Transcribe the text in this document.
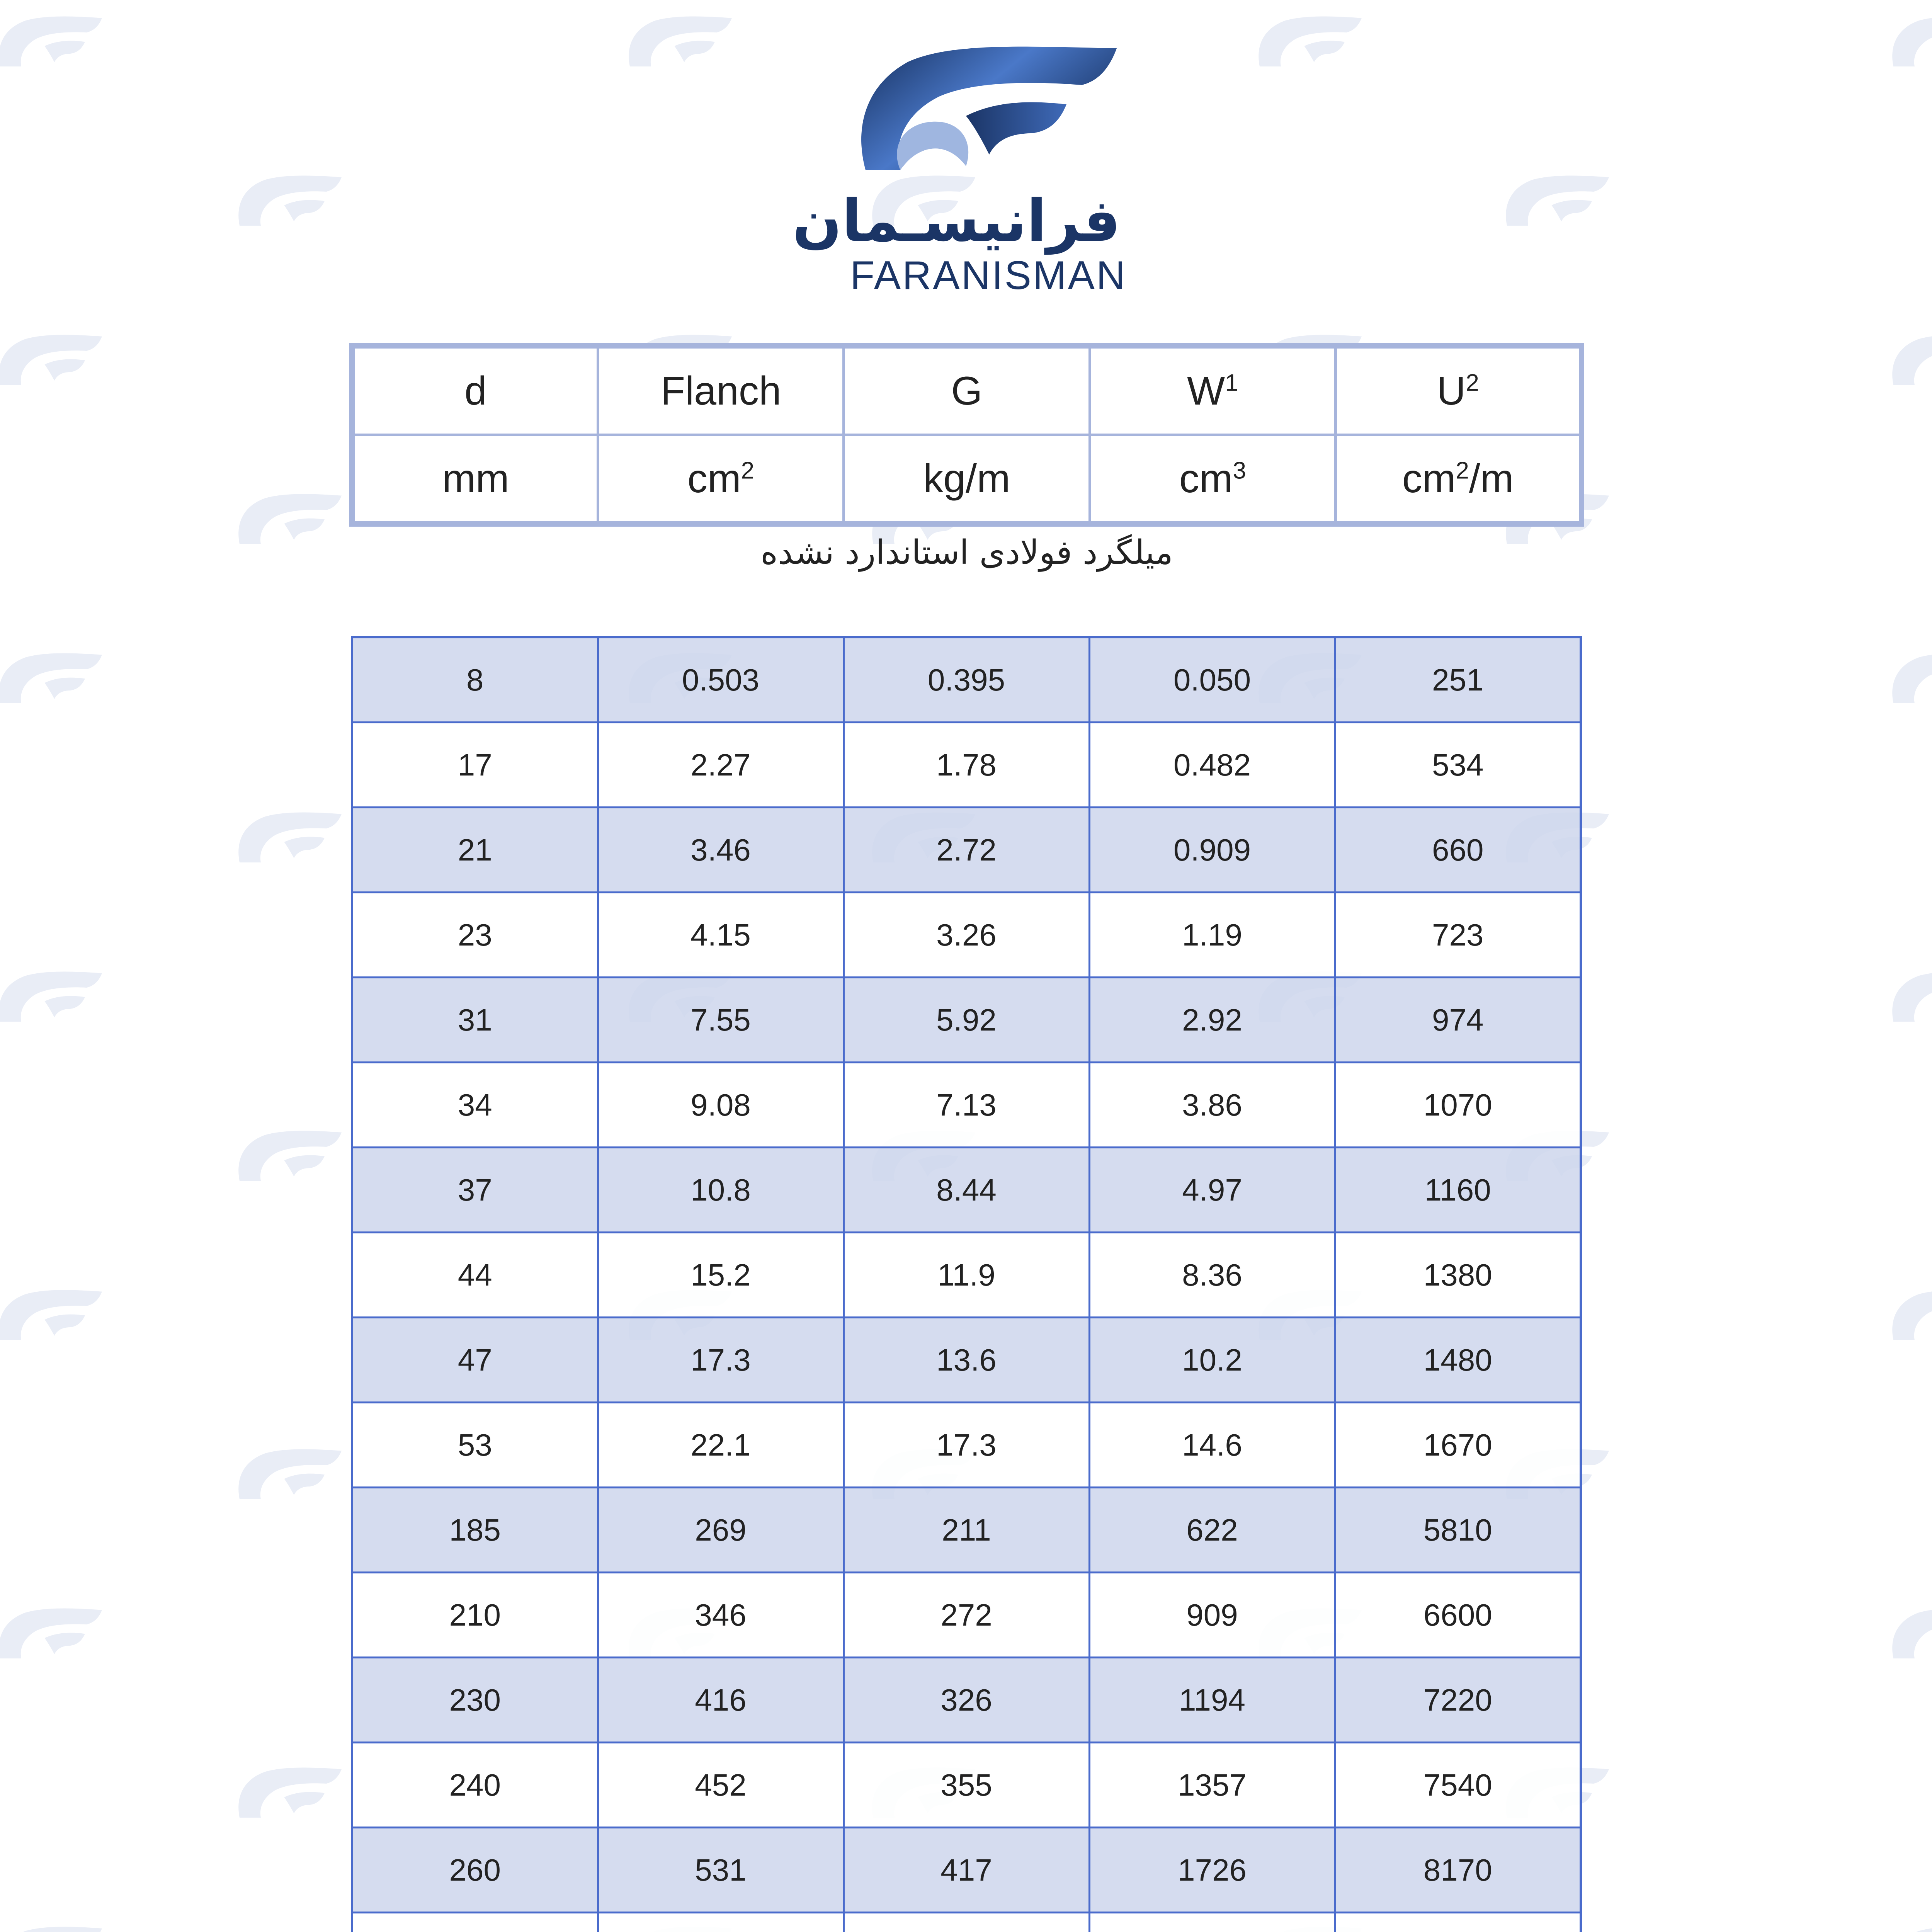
فرانیسـمان
FARANISMAN
d	Flanch	G	$W^1$	$U^2$
mm	$cm^2$	kg/m	$cm^3$	$cm^2/m$
میلگرد فولادی استاندارد نشده
8	0.503	0.395	0.050	251
17	2.27	1.78	0.482	534
21	3.46	2.72	0.909	660
23	4.15	3.26	1.19	723
31	7.55	5.92	2.92	974
34	9.08	7.13	3.86	1070
37	10.8	8.44	4.97	1160
44	15.2	11.9	8.36	1380
47	17.3	13.6	10.2	1480
53	22.1	17.3	14.6	1670
185	269	211	622	5810
210	346	272	909	6600
230	416	326	1194	7220
240	452	355	1357	7540
260	531	417	1726	8170
